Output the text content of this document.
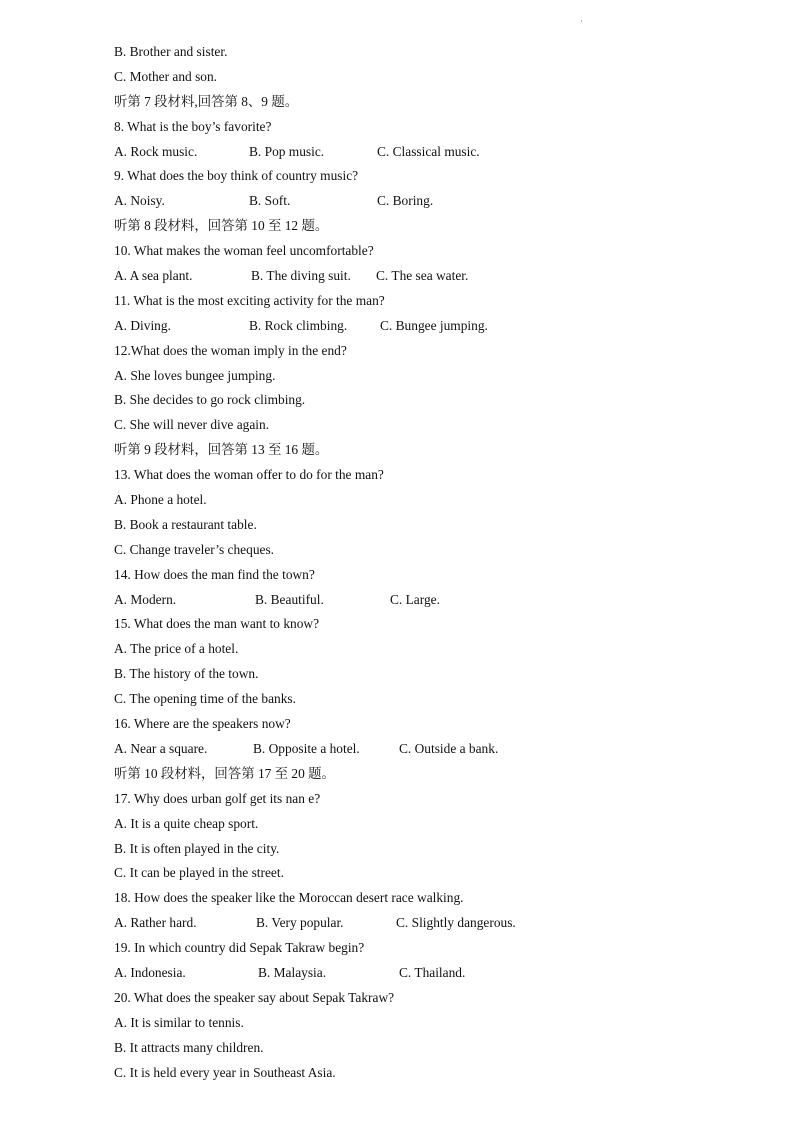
·
B. Brother and sister.
C. Mother and son.
听第 7 段材料,回答第 8、9 题。
8. What is the boy’s favorite?
A. Rock music.	B. Pop music.	C. Classical music.
9. What does the boy think of country music?
A. Noisy.	B. Soft.	C. Boring.
听第 8 段材料，回答第 10 至 12 题。
10. What makes the woman feel uncomfortable?
A. A sea plant.	B. The diving suit. C. The sea water.
11. What is the most exciting activity for the man?
A. Diving.	B. Rock climbing. C. Bungee jumping.
12.What does the woman imply in the end?
A. She loves bungee jumping.
B. She decides to go rock climbing.
C. She will never dive again.
听第 9 段材料，回答第 13 至 16 题。
13. What does the woman offer to do for the man?
A. Phone a hotel.
B. Book a restaurant table.
C. Change traveler’s cheques.
14. How does the man find the town?
A. Modern.	B. Beautiful.	C. Large.
15. What does the man want to know?
A. The price of a hotel.
B. The history of the town.
C. The opening time of the banks.
16. Where are the speakers now?
A. Near a square.	B. Opposite a hotel.	C. Outside a bank.
听第 10 段材料，回答第 17 至 20 题。
17. Why does urban golf get its nan e?
A. It is a quite cheap sport.
B. It is often played in the city.
C. It can be played in the street.
18. How does the speaker like the Moroccan desert race walking.
A. Rather hard.	B. Very popular.	C. Slightly dangerous.
19. In which country did Sepak Takraw begin?
A. Indonesia.	B. Malaysia.	C. Thailand.
20. What does the speaker say about Sepak Takraw?
A. It is similar to tennis.
B. It attracts many children.
C. It is held every year in Southeast Asia.
